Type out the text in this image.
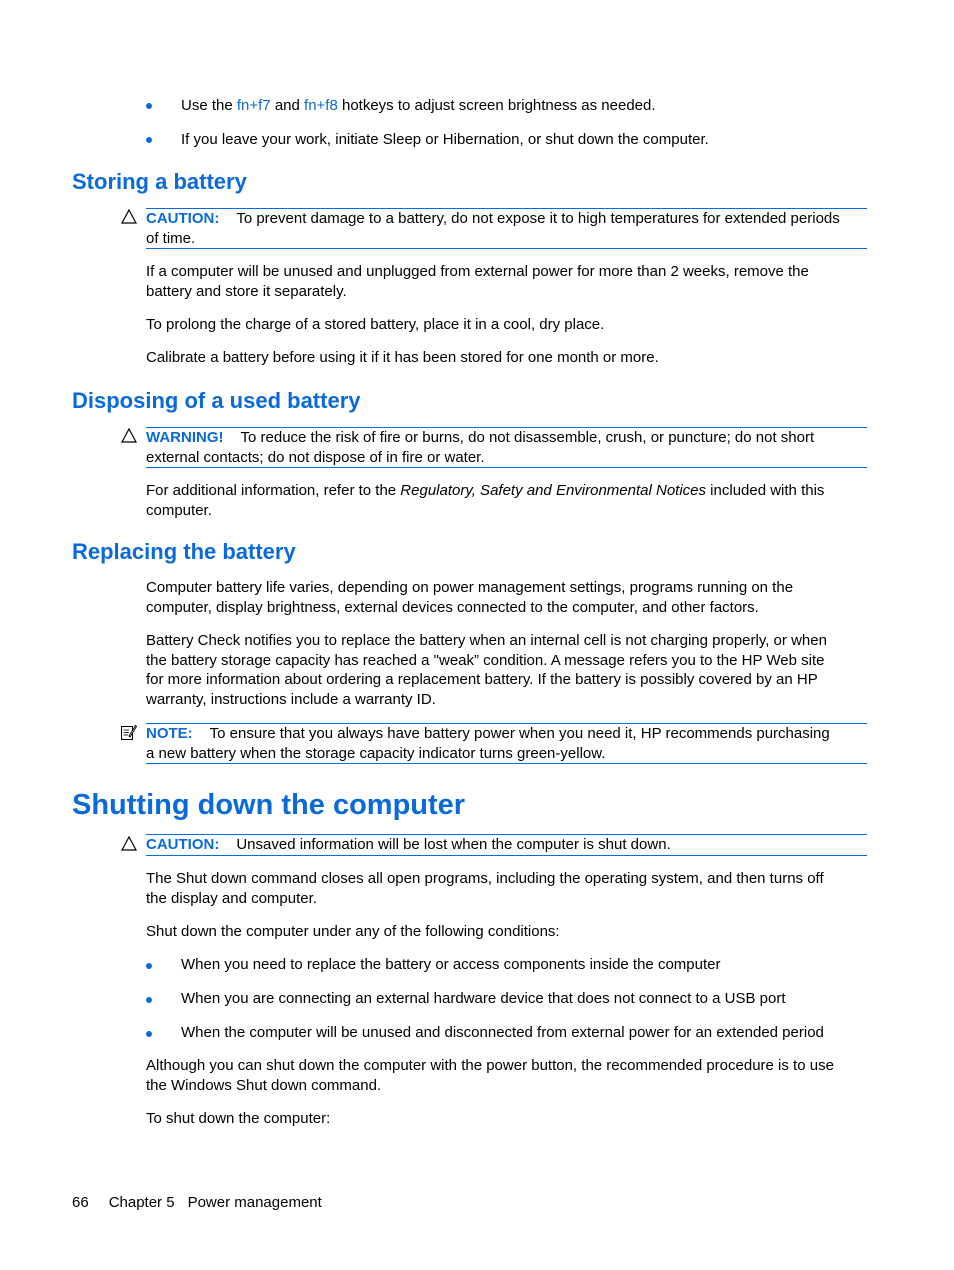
Use the fn+f7 and fn+f8 hotkeys to adjust screen brightness as needed.
If you leave your work, initiate Sleep or Hibernation, or shut down the computer.
Storing a battery
CAUTION: To prevent damage to a battery, do not expose it to high temperatures for extended periods
of time.
If a computer will be unused and unplugged from external power for more than 2 weeks, remove the
battery and store it separately.
To prolong the charge of a stored battery, place it in a cool, dry place.
Calibrate a battery before using it if it has been stored for one month or more.
Disposing of a used battery
WARNING! To reduce the risk of fire or burns, do not disassemble, crush, or puncture; do not short
external contacts; do not dispose of in fire or water.
For additional information, refer to the Regulatory, Safety and Environmental Notices included with this
computer.
Replacing the battery
Computer battery life varies, depending on power management settings, programs running on the
computer, display brightness, external devices connected to the computer, and other factors.
Battery Check notifies you to replace the battery when an internal cell is not charging properly, or when
the battery storage capacity has reached a "weak” condition. A message refers you to the HP Web site
for more information about ordering a replacement battery. If the battery is possibly covered by an HP
warranty, instructions include a warranty ID.
NOTE: To ensure that you always have battery power when you need it, HP recommends purchasing
a new battery when the storage capacity indicator turns green-yellow.
Shutting down the computer
CAUTION: Unsaved information will be lost when the computer is shut down.
The Shut down command closes all open programs, including the operating system, and then turns off
the display and computer.
Shut down the computer under any of the following conditions:
When you need to replace the battery or access components inside the computer
When you are connecting an external hardware device that does not connect to a USB port
When the computer will be unused and disconnected from external power for an extended period
Although you can shut down the computer with the power button, the recommended procedure is to use
the Windows Shut down command.
To shut down the computer:
66 Chapter 5 Power management
